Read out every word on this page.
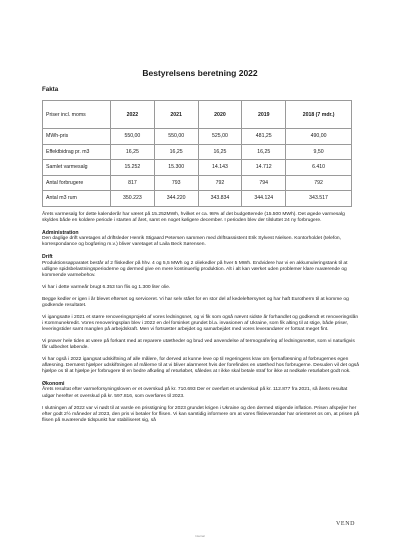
Bestyrelsens beretning 2022
Fakta
Priser incl. moms	2022	2021	2020	2019	2018 (7 mdr.)
MWh-pris	550,00	550,00	525,00	481,25	490,00
Effektbidrag pr. m3	16,25	16,25	16,25	16,25	9,50
Samlet varmesalg	15.252	15.300	14.143	14.712	6.410
Antal forbrugere	817	793	792	794	792
Antal m3 rum	350.223	344.220	343.834	344.124	343.517

Årets varmesalg for dette kalenderår har været på 15.252MWh, hvilket er ca. 98% af det budgetterede (15.500 MWh). Det øgede varmesalg skyldes både en koldere periode i starten af året, samt en noget køligere december. I perioden blev der tilsluttet 24 ny forbrugere.

Administration

Den daglige drift varetages af driftsleder Henrik Stigaard Petersen sammen med driftsassistent Erik Sylvest Nielsen. Kontorholdet (telefon, korrespondance og bogføring m.v.) bliver varetaget af Laila Beck Sørensen.

Drift

Produktionsapparatet består af 2 fliskedler på hhv. 4 og 5,5 MWh og 2 oliekedler på hver 5 MWh. Endvidere har vi en akkumuleringstank til at udligne spidsbelastningsperioderne og dermed give en mere kontinuerlig produktion. Alt i alt kan værket uden problemer klare nuværende og kommende varmebehov.

Vi har i dette varmeår brugt 6.353 ton flis og 1.300 liter olie.

Begge kedler er igen i år blevet efterset og serviceret. Vi har selv stået for en stor del af kedeleftersynet og har haft Eurotherm til at komme og godkende resultatet.

Vi igangsatte i 2021 et større renoveringsprojekt af vores ledningsnet, og vi fik som også nævnt sidste år forhandlet og godkendt et renoveringslån i Kommunekredit. Vores renoveringsplan blev i 2022 en del forsinket grundet bl.a. invasionen af Ukraine, som fik alting til at stige, både priser, leveringstider samt manglen på arbejdskraft. Men vi fortsætter arbejdet og samarbejdet med vores leverandører er fortsat meget fint.

Vi prøver hele tiden at være på forkant med at reparere utætheder og brud ved anvendelse af termografering af ledningsnettet, som vi naturligvis får udbedret løbende.

Vi har også i 2022 igangsat udskiftning af alle målere, for derved at kunne leve op til regeringens krav om fjernaflæsning af forbrugernes egen aflæsning. Dernæst hjælper udskiftningen af målerne til at vi bliver alarmeret hvis der forefindes en utæthed hos forbrugerne. Desuden vil det også hjælpe os til at hjælpe jer forbrugere til en bedre afkøling af returløbet, således at I ikke skal betale straf for ikke at nedkøle returløbet godt nok.

Økonomi

Årets resultat efter varmeforsyningsloven er et overskud på kr. 710.693 Der er overført et underskud på kr. 112.877 fra 2021, så årets resultat udgør herefter et overskud på kr. 597.816, som overføres til 2023.

I slutningen af 2022 var vi nødt til at varsle en prisstigning for 2023 grundet krigen i Ukraine og den dermed stigende inflation. Prisen afspejler her efter godt 2½ måneder af 2023, den pris vi betaler for flisen. Vi kan samtidig informere om at vores flisleverandør har orienteret os om, at prisen på flisen på nuværende tidspunkt har stabiliseret sig, så

VEND
Internal
